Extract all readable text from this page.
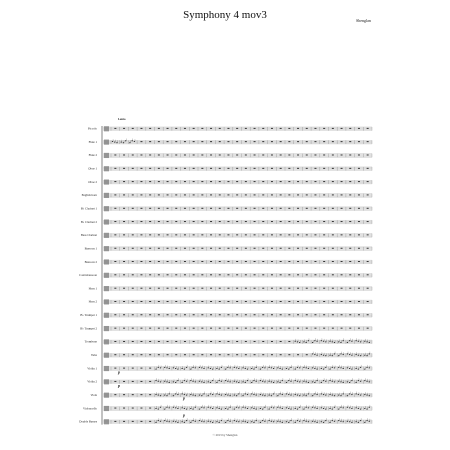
Symphony 4 mov3	Shenglan
Lento
Piccolo
Flute 1
Flute 2
Oboe 1
Oboe 2
English horn
B♭ Clarinet 1
B♭ Clarinet 2
Bass Clarinet
Bassoon 1
Bassoon 2
Contrabassoon
Horn 1
Horn 2
B♭ Trumpet 1
B♭ Trumpet 2
Trombone
Tuba
Violin 1
Violin 2
Viola
Violoncello
Double Basses
p
p
p
p
© 2013 by Shenglan
